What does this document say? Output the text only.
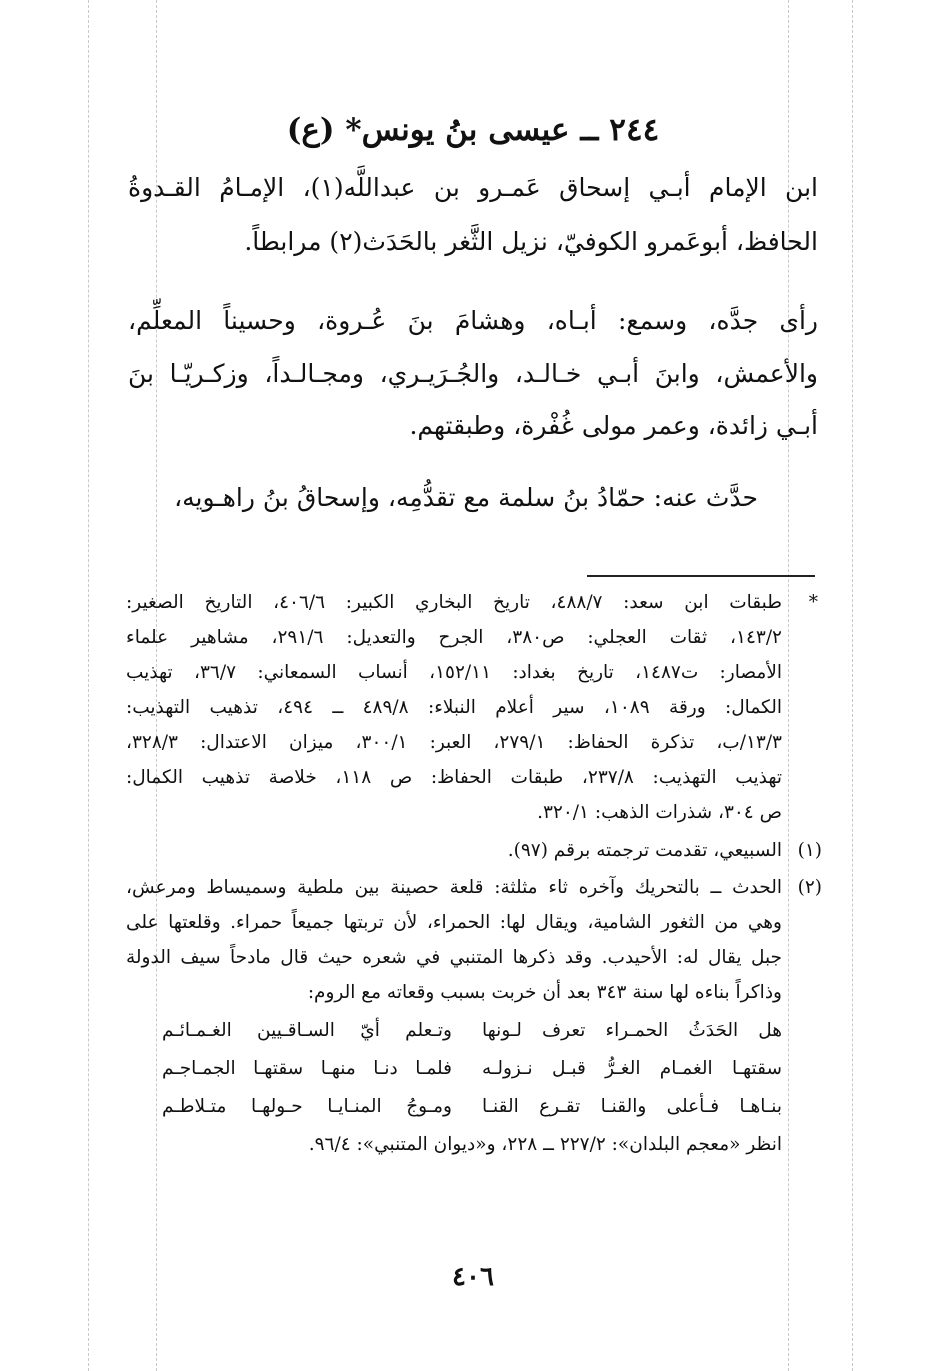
٢٤٤ ــ عيسى بنُ يونس* (ع)
ابن الإمام أبـي إسحاق عَمـرو بن عبداللَّه(١)، الإمـامُ القـدوةُ
الحافظ، أبوعَمرو الكوفيّ، نزيل الثَّغر بالحَدَث(٢) مرابطاً.
رأى جدَّه، وسمع: أبـاه، وهشامَ بنَ عُـروة، وحسيناً المعلِّم،
والأعمش، وابنَ أبـي خـالـد، والجُـرَيـري، ومجـالـداً، وزكـريّـا بنَ
أبـي زائدة، وعمر مولى غُفْرة، وطبقتهم.
حدَّث عنه: حمّادُ بنُ سلمة مع تقدُّمِه، وإسحاقُ بنُ راهـويه،
*
طبقات ابن سعد: ٤٨٨/٧، تاريخ البخاري الكبير: ٤٠٦/٦، التاريخ الصغير:
١٤٣/٢، ثقات العجلي: ص٣٨٠، الجرح والتعديل: ٢٩١/٦، مشاهير علماء
الأمصار: ت١٤٨٧، تاريخ بغداد: ١٥٢/١١، أنساب السمعاني: ٣٦/٧، تهذيب
الكمال: ورقة ١٠٨٩، سير أعلام النبلاء: ٤٨٩/٨ ــ ٤٩٤، تذهيب التهذيب:
١٣/٣/ب، تذكرة الحفاظ: ٢٧٩/١، العبر: ٣٠٠/١، ميزان الاعتدال: ٣٢٨/٣،
تهذيب التهذيب: ٢٣٧/٨، طبقات الحفاظ: ص ١١٨، خلاصة تذهيب الكمال:
ص ٣٠٤، شذرات الذهب: ٣٢٠/١.
(١)
السبيعي، تقدمت ترجمته برقم (٩٧).
(٢)
الحدث ــ بالتحريك وآخره ثاء مثلثة: قلعة حصينة بين ملطية وسميساط ومرعش،
وهي من الثغور الشامية، ويقال لها: الحمراء، لأن تربتها جميعاً حمراء. وقلعتها على
جبل يقال له: الأحيدب. وقد ذكرها المتنبي في شعره حيث قال مادحاً سيف الدولة
وذاكراً بناءه لها سنة ٣٤٣ بعد أن خربت بسبب وقعاته مع الروم:
هل الحَدَثُ الحمـراء تعرف لـونها
وتـعلم أيّ السـاقـيين الغـمـائـم
سقتهـا الغمـام الغـرُّ قبـل نـزولـه
فلمـا دنـا منهـا سقتهـا الجمـاجـم
بنـاهـا فـأعلى والقنـا تقـرع القنـا
ومـوجُ المنـايـا حـولهـا متـلاطـم
انظر «معجم البلدان»: ٢٢٧/٢ ــ ٢٢٨، و«ديوان المتنبي»: ٩٦/٤.
٤٠٦
